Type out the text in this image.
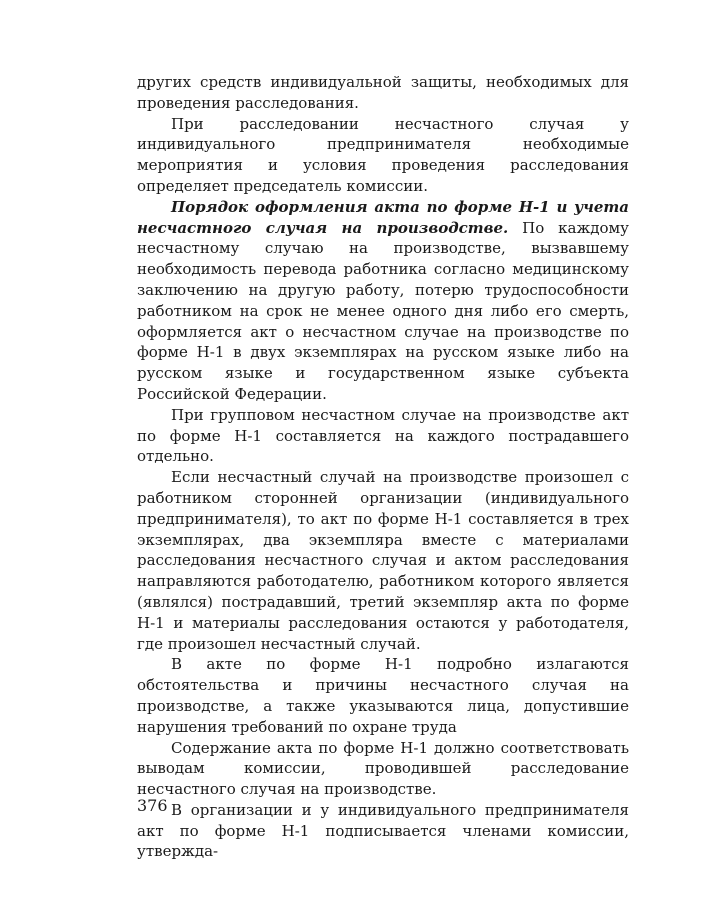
других средств индивидуальной защиты, необходимых для проведения расследования.

При расследовании несчастного случая у индивидуального предпринимателя необходимые мероприятия и условия проведения расследования определяет председатель комиссии.

Порядок оформления акта по форме Н-1 и учета несчастного случая на производстве. По каждому несчастному случаю на производстве, вызвавшему необходимость перевода работника согласно медицинскому заключению на другую работу, потерю трудоспособности работником на срок не менее одного дня либо его смерть, оформляется акт о несчастном случае на производстве по форме Н-1 в двух экземплярах на русском языке либо на русском языке и государственном языке субъекта Российской Федерации.

При групповом несчастном случае на производстве акт по форме Н-1 составляется на каждого пострадавшего отдельно.

Если несчастный случай на производстве произошел с работником сторонней организации (индивидуального предпринимателя), то акт по форме Н-1 составляется в трех экземплярах, два экземпляра вместе с материалами расследования несчастного случая и актом расследования направляются работодателю, работником которого является (являлся) пострадавший, третий экземпляр акта по форме Н-1 и материалы расследования остаются у работодателя, где произошел несчастный случай.

В акте по форме Н-1 подробно излагаются обстоятельства и причины несчастного случая на производстве, а также указываются лица, допустившие нарушения требований по охране труда

Содержание акта по форме Н-1 должно соответствовать выводам комиссии, проводившей расследование несчастного случая на производстве.

В организации и у индивидуального предпринимателя акт по форме Н-1 подписывается членами комиссии, утвержда-

376
